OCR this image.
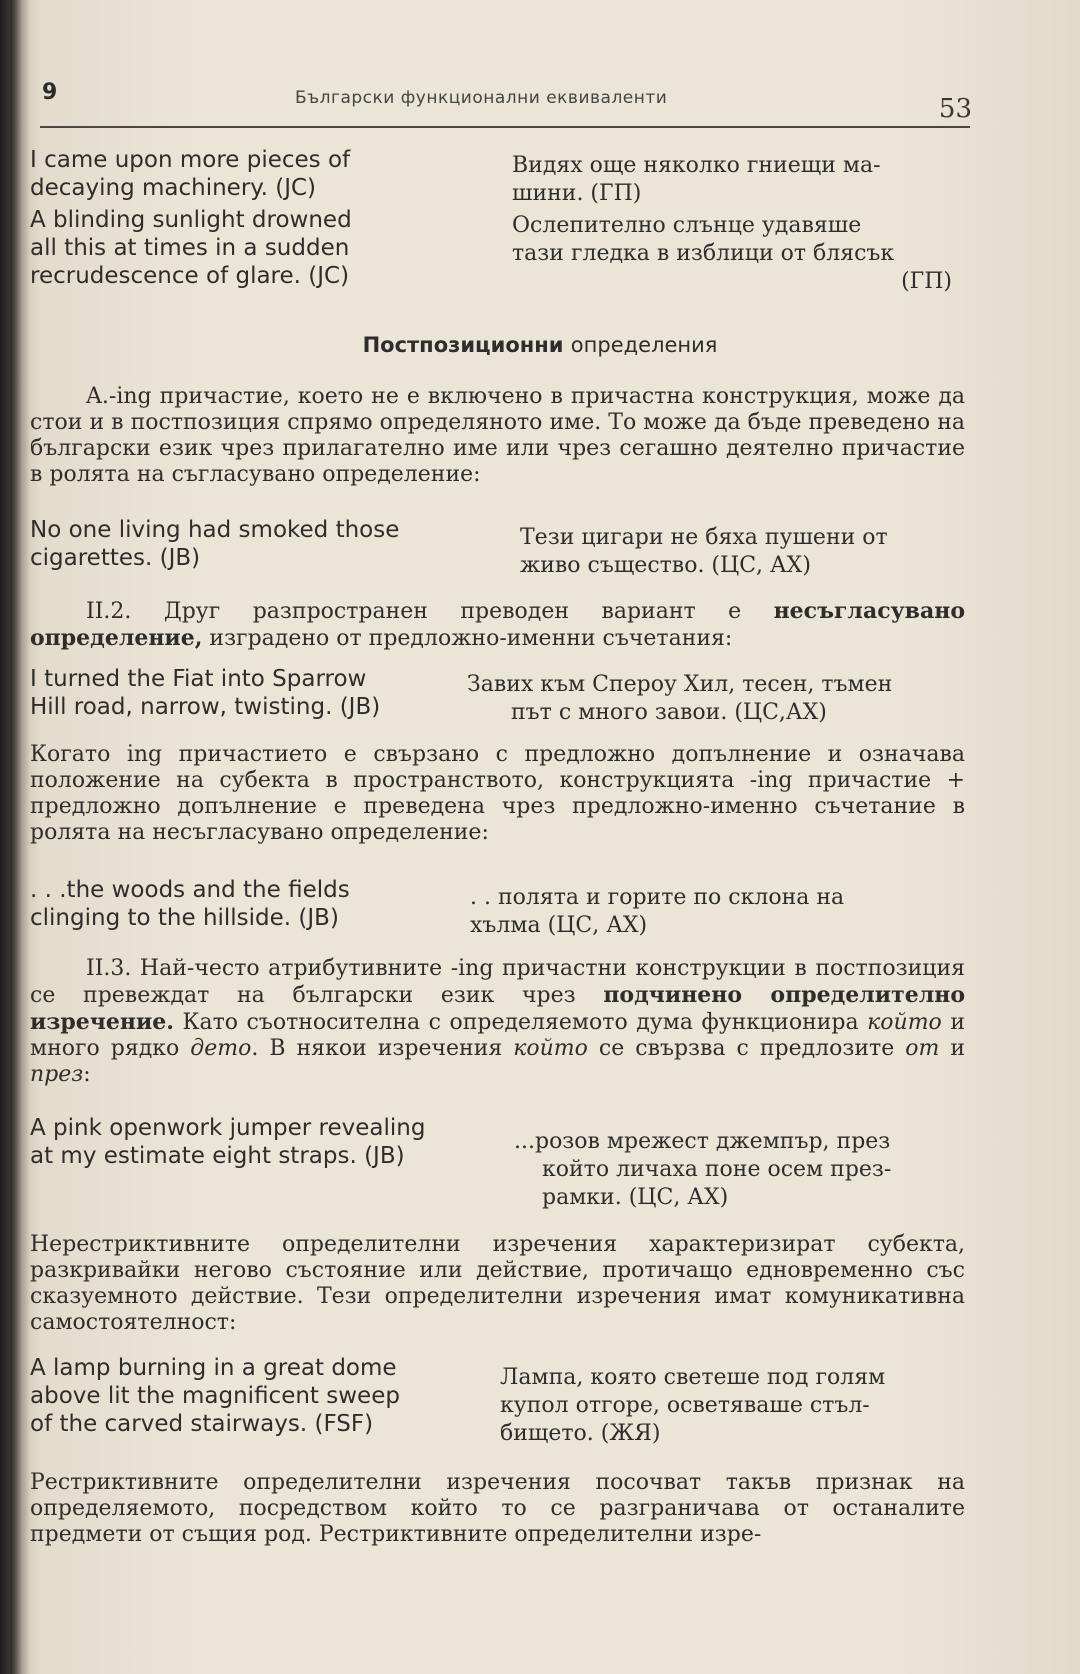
9	Български функционални еквиваленти	53
I came upon more pieces of
decaying machinery. (JC)
Видях още няколко гниещи ма-
шини. (ГП)
A blinding sunlight drowned
all this at times in a sudden
recrudescence of glare. (JC)
Ослепително слънце удавяше
тази гледка в изблици от блясък
(ГП)
Постпозиционни определения
A.-ing причастие, което не е включено в причастна конструкция, може да стои и в постпозиция спрямо определяното име. То може да бъде преведено на български език чрез прилагателно име или чрез сегашно деятелно причастие в ролята на съгласувано определение:
No one living had smoked those
cigarettes. (JB)
Тези цигари не бяха пушени от
живо същество. (ЦС, АХ)
II.2. Друг разпространен преводен вариант е несъгласувано определение, изградено от предложно-именни съчетания:
I turned the Fiat into Sparrow
Hill road, narrow, twisting. (JB)
Завих към Спероу Хил, тесен, тъмен
път с много завои. (ЦС,АХ)
Когато ing причастието е свързано с предложно допълнение и означава положение на субекта в пространството, конструкцията -ing причастие + предложно допълнение е преведена чрез предложно-именно съчетание в ролята на несъгласувано определение:
. . .the woods and the fields
clinging to the hillside. (JB)
. . полята и горите по склона на
хълма (ЦС, АХ)
II.3. Най-често атрибутивните -ing причастни конструкции в постпозиция се превеждат на български език чрез подчинено определително изречение. Като съотносителна с определяемото дума функционира който и много рядко дето. В някои изречения който се свързва с предлозите от и през:
A pink openwork jumper revealing
at my estimate eight straps. (JB)
...розов мрежест джемпър, през
който личаха поне осем през-
рамки. (ЦС, АХ)
Нерестриктивните определителни изречения характеризират субекта, разкривайки негово състояние или действие, протичащо едновременно със сказуемното действие. Тези определителни изречения имат комуникативна самостоятелност:
A lamp burning in a great dome
above lit the magnificent sweep
of the carved stairways. (FSF)
Лампа, която светеше под голям
купол отгоре, осветяваше стъл-
бището. (ЖЯ)
Рестриктивните определителни изречения посочват такъв признак на определяемото, посредством който то се разграничава от останалите предмети от същия род. Рестриктивните определителни изре-
